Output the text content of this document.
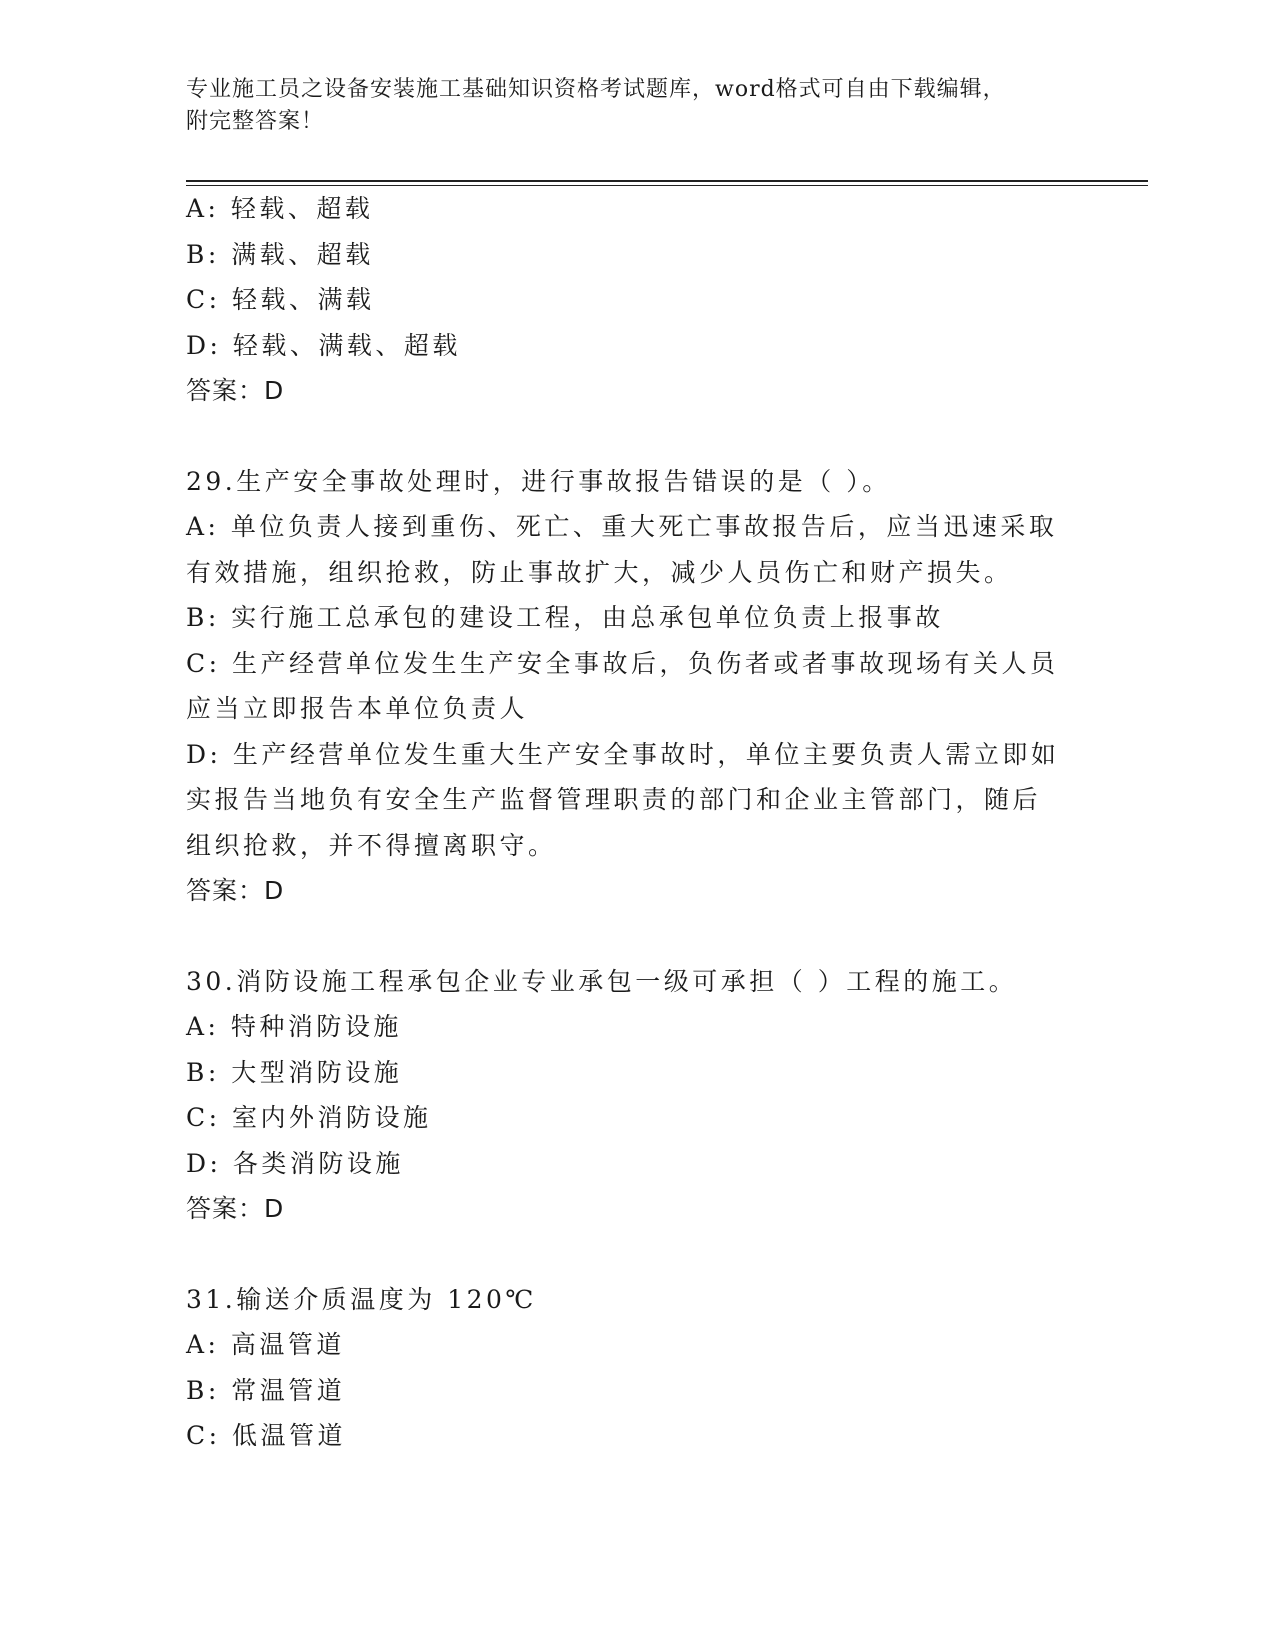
专业施工员之设备安装施工基础知识资格考试题库，word格式可自由下载编辑，
附完整答案！
A: 轻载、超载
B: 满载、超载
C: 轻载、满载
D: 轻载、满载、超载
答案：D
29.生产安全事故处理时，进行事故报告错误的是（ ）。
A: 单位负责人接到重伤、死亡、重大死亡事故报告后，应当迅速采取
有效措施，组织抢救，防止事故扩大，减少人员伤亡和财产损失。
B: 实行施工总承包的建设工程，由总承包单位负责上报事故
C: 生产经营单位发生生产安全事故后，负伤者或者事故现场有关人员
应当立即报告本单位负责人
D: 生产经营单位发生重大生产安全事故时，单位主要负责人需立即如
实报告当地负有安全生产监督管理职责的部门和企业主管部门，随后
组织抢救，并不得擅离职守。
答案：D
30.消防设施工程承包企业专业承包一级可承担（ ）工程的施工。
A: 特种消防设施
B: 大型消防设施
C: 室内外消防设施
D: 各类消防设施
答案：D
31.输送介质温度为 120℃
A: 高温管道
B: 常温管道
C: 低温管道
